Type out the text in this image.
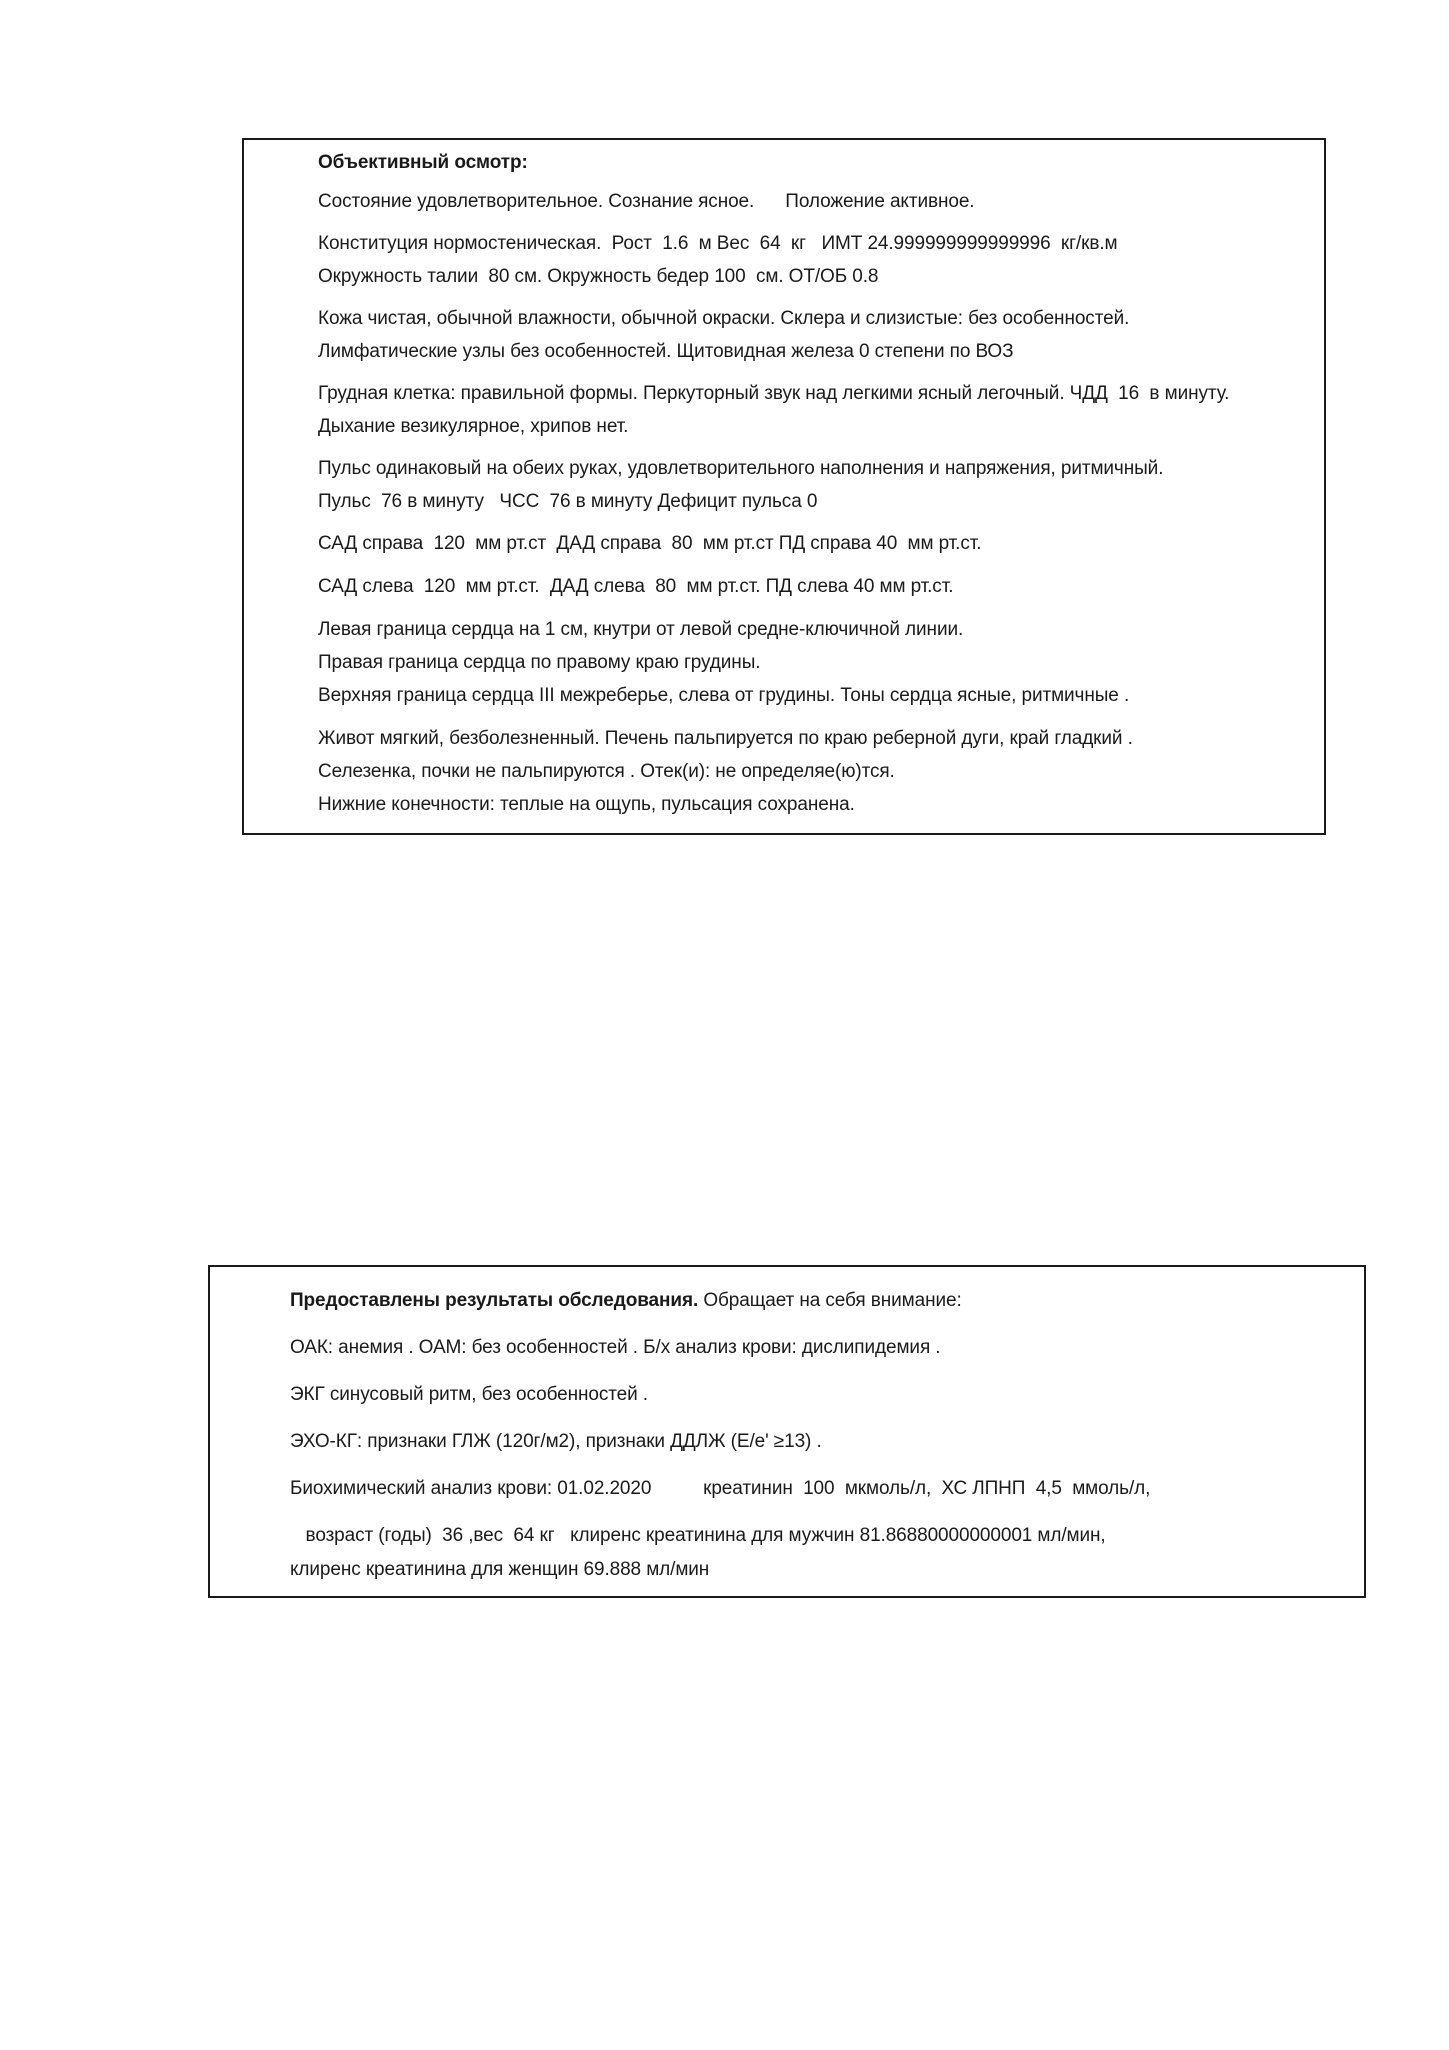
Объективный осмотр:
Состояние удовлетворительное. Сознание ясное.      Положение активное.
Конституция нормостеническая.  Рост  1.6  м Вес  64  кг   ИМТ 24.999999999999996  кг/кв.м
Окружность талии  80 см. Окружность бедер 100  см. ОТ/ОБ 0.8
Кожа чистая, обычной влажности, обычной окраски. Склера и слизистые: без особенностей.
Лимфатические узлы без особенностей. Щитовидная железа 0 степени по ВОЗ
Грудная клетка: правильной формы. Перкуторный звук над легкими ясный легочный. ЧДД  16  в минуту.
Дыхание везикулярное, хрипов нет.
Пульс одинаковый на обеих руках, удовлетворительного наполнения и напряжения, ритмичный.
Пульс  76 в минуту   ЧСС  76 в минуту Дефицит пульса 0
САД справа  120  мм рт.ст  ДАД справа  80  мм рт.ст ПД справа 40  мм рт.ст.
САД слева  120  мм рт.ст.  ДАД слева  80  мм рт.ст. ПД слева 40 мм рт.ст.
Левая граница сердца на 1 см, кнутри от левой средне-ключичной линии.
Правая граница сердца по правому краю грудины.
Верхняя граница сердца III межреберье, слева от грудины. Тоны сердца ясные, ритмичные .
Живот мягкий, безболезненный. Печень пальпируется по краю реберной дуги, край гладкий .
Селезенка, почки не пальпируются . Отек(и): не определяе(ю)тся.
Нижние конечности: теплые на ощупь, пульсация сохранена.
Предоставлены результаты обследования. Обращает на себя внимание:
ОАК: анемия . ОАМ: без особенностей . Б/х анализ крови: дислипидемия .
ЭКГ синусовый ритм, без особенностей .
ЭХО-КГ: признаки ГЛЖ (120г/м2), признаки ДДЛЖ (E/e' ≥13) .
Биохимический анализ крови: 01.02.2020          креатинин  100  мкмоль/л,  ХС ЛПНП  4,5  ммоль/л,
возраст (годы)  36 ,вес  64 кг   клиренс креатинина для мужчин 81.86880000000001 мл/мин,
клиренс креатинина для женщин 69.888 мл/мин
